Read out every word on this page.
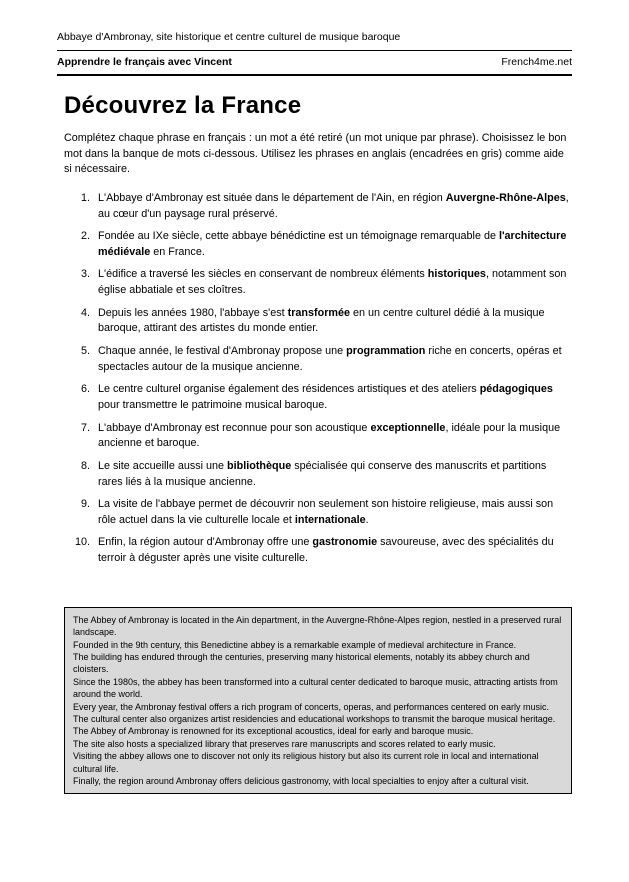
Abbaye d'Ambronay, site historique et centre culturel de musique baroque
Apprendre le français avec Vincent	French4me.net
Découvrez la France

Complétez chaque phrase en français : un mot a été retiré (un mot unique par phrase). Choisissez le bon mot dans la banque de mots ci-dessous. Utilisez les phrases en anglais (encadrées en gris) comme aide si nécessaire.

1. L'Abbaye d'Ambronay est située dans le département de l'Ain, en région Auvergne-Rhône-Alpes, au cœur d'un paysage rural préservé.
2. Fondée au IXe siècle, cette abbaye bénédictine est un témoignage remarquable de l'architecture médiévale en France.
3. L'édifice a traversé les siècles en conservant de nombreux éléments historiques, notamment son église abbatiale et ses cloîtres.
4. Depuis les années 1980, l'abbaye s'est transformée en un centre culturel dédié à la musique baroque, attirant des artistes du monde entier.
5. Chaque année, le festival d'Ambronay propose une programmation riche en concerts, opéras et spectacles autour de la musique ancienne.
6. Le centre culturel organise également des résidences artistiques et des ateliers pédagogiques pour transmettre le patrimoine musical baroque.
7. L'abbaye d'Ambronay est reconnue pour son acoustique exceptionnelle, idéale pour la musique ancienne et baroque.
8. Le site accueille aussi une bibliothèque spécialisée qui conserve des manuscrits et partitions rares liés à la musique ancienne.
9. La visite de l'abbaye permet de découvrir non seulement son histoire religieuse, mais aussi son rôle actuel dans la vie culturelle locale et internationale.
10. Enfin, la région autour d'Ambronay offre une gastronomie savoureuse, avec des spécialités du terroir à déguster après une visite culturelle.

The Abbey of Ambronay is located in the Ain department, in the Auvergne-Rhône-Alpes region, nestled in a preserved rural landscape.

Founded in the 9th century, this Benedictine abbey is a remarkable example of medieval architecture in France.

The building has endured through the centuries, preserving many historical elements, notably its abbey church and cloisters.

Since the 1980s, the abbey has been transformed into a cultural center dedicated to baroque music, attracting artists from around the world.

Every year, the Ambronay festival offers a rich program of concerts, operas, and performances centered on early music.

The cultural center also organizes artist residencies and educational workshops to transmit the baroque musical heritage.

The Abbey of Ambronay is renowned for its exceptional acoustics, ideal for early and baroque music.

The site also hosts a specialized library that preserves rare manuscripts and scores related to early music.

Visiting the abbey allows one to discover not only its religious history but also its current role in local and international cultural life.

Finally, the region around Ambronay offers delicious gastronomy, with local specialties to enjoy after a cultural visit.
